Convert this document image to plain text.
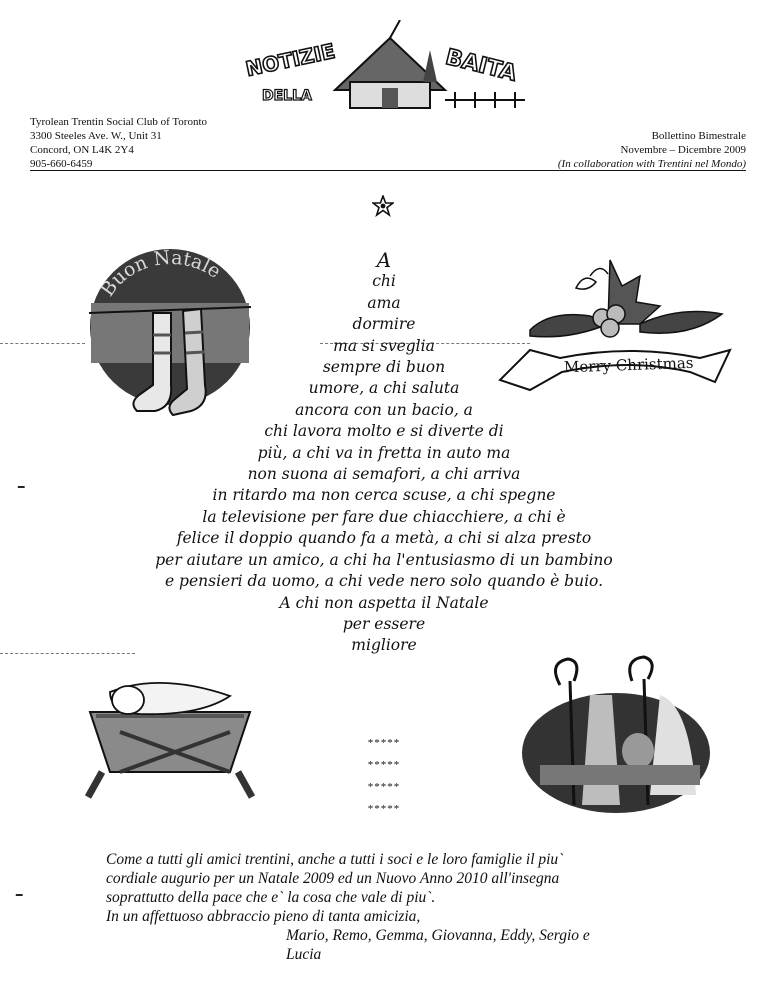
ـ
ـ
NOTIZIE
DELLA
BAITA
Tyrolean Trentin Social Club of Toronto
3300 Steeles Ave. W., Unit 31
Concord, ON L4K 2Y4
905-660-6459
Bollettino Bimestrale
Novembre – Dicembre 2009
(In collaboration with Trentini nel Mondo)
Buon Natale
Merry Christmas
A
chi
ama
dormire
ma si sveglia
sempre di buon
umore, a chi saluta
ancora con un bacio, a
chi lavora molto e si diverte di
più, a chi va in fretta in auto ma
non suona ai semafori, a chi arriva
in ritardo ma non cerca scuse, a chi spegne
la televisione per fare due chiacchiere, a chi è
felice il doppio quando fa a metà, a chi si alza presto
per aiutare un amico, a chi ha l'entusiasmo di un bambino
e pensieri da uomo, a chi vede nero solo quando è buio.
A chi non aspetta il Natale
per essere
migliore
*****
*****
*****
*****
Come a tutti gli amici trentini, anche a tutti i soci e le loro famiglie il piu`
cordiale augurio per un Natale 2009 ed un Nuovo Anno 2010 all'insegna
soprattutto della pace che e` la cosa che vale di piu`.
In un affettuoso abbraccio pieno di tanta amicizia,
Mario, Remo, Gemma, Giovanna, Eddy, Sergio e
Lucia
